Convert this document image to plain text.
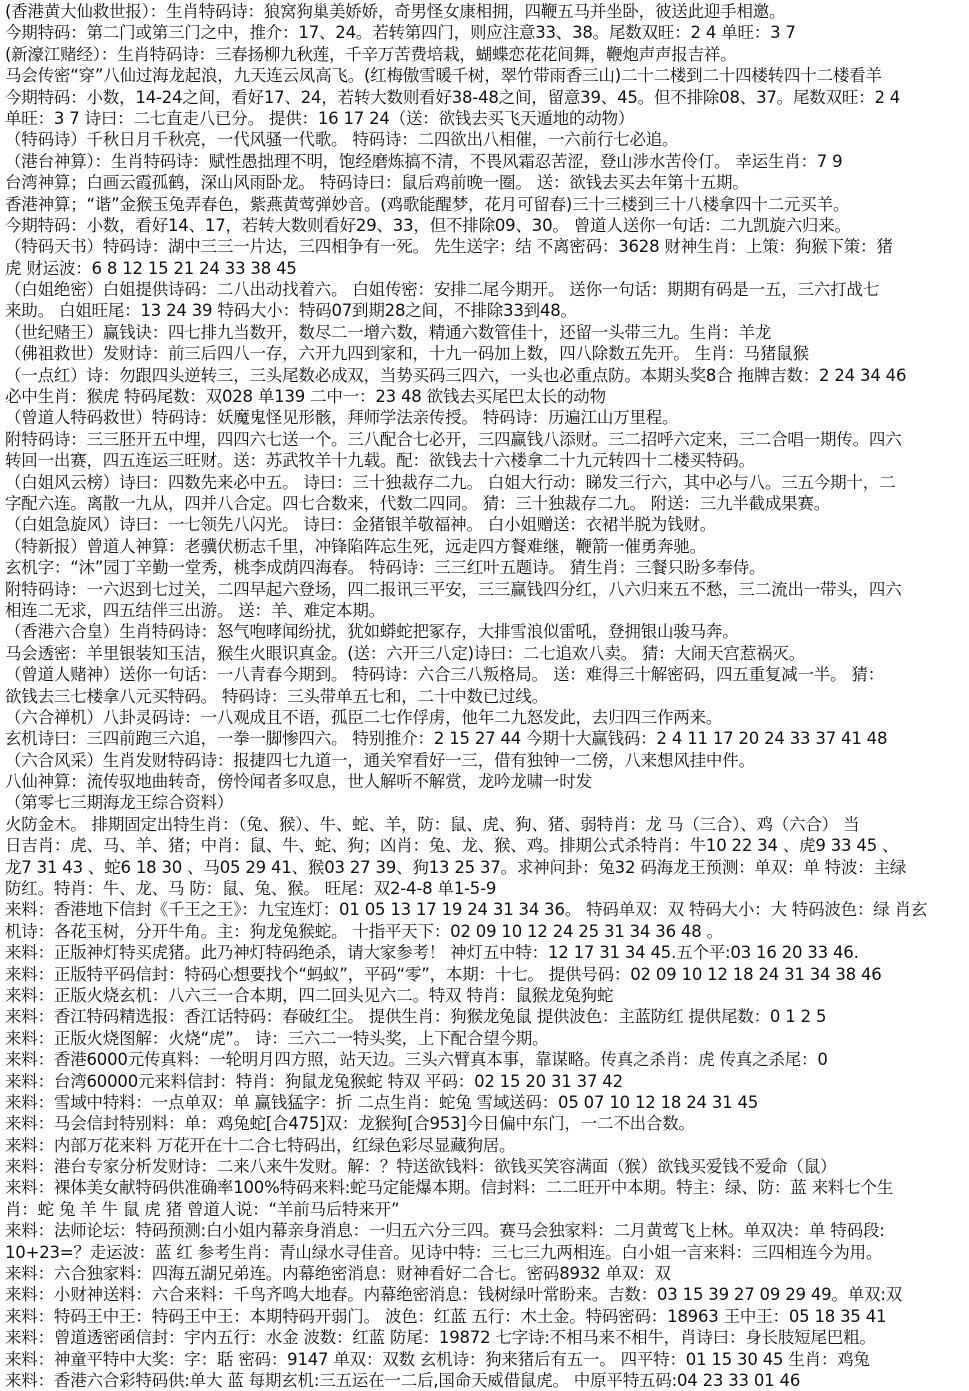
(香港黄大仙救世报）：生肖特码诗：狼窝狗巢美娇娇，奇男怪女康相拥，四鞭五马并坐卧，彼送此迎手相邀。
今期特码：第二门或第三门之中，推介：17、24。若转第四门，则应注意33、38。尾数双旺：2 4 单旺：3 7
(新濠江赌经）：生肖特码诗：三春扬柳九秋莲，千辛万苦费培栽，蝴蝶恋花花间舞，鞭炮声声报吉祥。
马会传密“穿”八仙过海龙起浪，九天连云凤高飞。(红梅傲雪暖千树，翠竹带雨香三山)二十二楼到二十四楼转四十二楼看羊
今期特码：小数，14-24之间，看好17、24，若转大数则看好38-48之间，留意39、45。但不排除08、37。尾数双旺：2 4
单旺：3 7 诗曰：二七直走八已分。 提供：16 17 24（送：欲钱去买飞天遁地的动物）
（特码诗）千秋日月千秋亮，一代风骚一代歌。 特码诗：二四欲出八相催，一六前行七必追。
（港台神算）：生肖特码诗：赋性愚拙理不明，饱经磨炼搞不清，不畏风霜忍苦涩，登山涉水苦伶仃。 幸运生肖：7 9
台湾神算；白画云霞孤鹤，深山风雨卧龙。 特码诗曰：鼠后鸡前晚一圈。 送：欲钱去买去年第十五期。
香港神算；“谐”金猴玉兔弄春色，紫燕黄莺弹妙音。(鸡歌能醒梦，花月可留春)三十三楼到三十八楼拿四十二元买羊。
今期特码：小数，看好14、17，若转大数则看好29、33，但不排除09、30。 曾道人送你一句话：二九凯旋六归来。
（特码天书）特码诗：湖中三三一片达，三四相争有一死。 先生送字：结 不离密码：3628 财神生肖：上策：狗猴下策：猪
虎 财运波：6 8 12 15 21 24 33 38 45
（白姐绝密）白姐提供诗码：二八出动找着六。 白姐传密：安排二尾今期开。 送你一句话：期期有码是一五，三六打战七
来助。 白姐旺尾：13 24 39 特码大小：特码07到期28之间，不排除33到48。
（世纪赌王）赢钱诀：四七排九当数开，数尽二一增六数，精通六数管佳十，还留一头带三九。生肖：羊龙
（佛祖救世）发财诗：前三后四八一存，六开九四到家和，十九一码加上数，四八除数五先开。 生肖：马猪鼠猴
（一点红）诗：勿跟四头逆转三，三头尾数必成双，当势买码三四六，一头也必重点防。本期头奖8合 拖牌吉数：2 24 34 46
必中生肖：猴虎 特码尾数：双028 单139 二中一：23 48 欲钱去买尾巴太长的动物
（曾道人特码救世）特码诗：妖魔鬼怪见形骸，拜师学法亲传授。 特码诗：历遍江山万里程。
附特码诗：三三胚开五中埋，四四六七送一个。三八配合七必开，三四赢钱八添财。三二招呼六定来，三二合唱一期传。四六
转回一出赛，四五连运三旺财。送：苏武牧羊十九载。配：欲钱去十六楼拿二十九元转四十二楼买特码。
（白姐风云榜）诗曰：四数先来必中五。 诗曰：三十独裁存二九。 白姐大行动：睇发三行六，其中必与八。三五今期十，二
字配六连。离散一九从，四并八合定。四七合数来，代数二四同。 猜：三十独裁存二九。 附送：三九半截成果赛。
（白姐急旋风）诗曰：一七领先八闪光。 诗曰：金猪银羊敬福神。 白小姐赠送：衣裙半脱为钱财。
（特新报）曾道人神算：老骥伏枥志千里，冲锋陷阵忘生死，远走四方餐难继，鞭箭一催勇奔驰。
玄机字：“沐”园丁辛勤一堂秀，桃李成荫四海春。 特码诗：三三红叶五题诗。 猜生肖：三餐只盼多奉侍。
附特码诗：一六迟到七过关，二四早起六登场，四二报讯三平安，三三赢钱四分红，八六归来五不愁，三二流出一带头，四六
相连二无求，四五结伴三出游。 送：羊、难定本期。
（香港六合皇）生肖特码诗：怒气咆哮闻纷扰，犹如蟒蛇把冢存，大排雪浪似雷吼，登拥银山骏马奔。
马会透密：羊里银装知玉洁，猴生火眼识真金。(送：六开三八定)诗曰：二七追欢八卖。 猜：大闹天宫惹祸灭。
（曾道人赌神）送你一句话：一八青春今期到。 特码诗：六合三八叛格局。 送：难得三十解密码，四五重复减一半。 猜：
欲钱去三七楼拿八元买特码。 特码诗：三头带单五七和，二十中数已过线。
（六合禅机）八卦灵码诗：一八观成且不语，孤臣二七作俘虏，他年二九怒发此，去归四三作两来。
玄机诗曰：三四前跑三六追，一拳一脚惨四六。 特别推介：2 15 27 44 今期十大赢钱码：2 4 11 17 20 24 33 37 41 48
（六合风采）生肖发财特码诗：报捷四七九道一，通关窄看好一三，借有独钟一二傍，八来想风挂中件。
八仙神算：流传驭地曲转奇，傍怜闻者多叹息，世人解听不解赏，龙吟龙啸一时发
（第零七三期海龙王综合资料）
火防金木。 排期固定出特生肖：（兔、猴）、牛、蛇、羊，防：鼠、虎、狗、猪、弱特肖：龙 马（三合）、鸡（六合） 当
日吉肖：虎、马、羊、猪；中肖：鼠、牛、蛇、狗；凶肖：兔、龙、猴、鸡。排期公式杀特肖：牛10 22 34 、虎9 33 45 、
龙7 31 43 、蛇6 18 30 、马05 29 41、猴03 27 39、狗13 25 37。求神问卦：兔32 码海龙王预测：单双：单 特波：主绿
防红。特肖：牛、龙、马 防：鼠、兔、猴。 旺尾：双2-4-8 单1-5-9
来料：香港地下信封《千王之王》：九宝连灯：01 05 13 17 19 24 31 34 36。 特码单双：双 特码大小：大 特码波色：绿 肖玄
机诗：各花玉树，分开牛角。主：狗龙兔猴蛇。 十指平天下：02 09 10 12 24 25 31 34 36 48 。
来料：正版神灯特买虎猪。此乃神灯特码绝杀，请大家参考！ 神灯五中特：12 17 31 34 45.五个平:03 16 20 33 46.
来料：正版特平码信封：特码心想要找个“蚂蚁”，平码“零”，本期：十七。 提供号码：02 09 10 12 18 24 31 34 38 46
来料：正版火烧玄机：八六三一合本期，四二回头见六二。特双 特肖：鼠猴龙兔狗蛇
来料：香江特码精选报：香江话特码：春破红尘。 提供生肖：狗猴龙兔鼠 提供波色：主蓝防红 提供尾数：0 1 2 5
来料：正版火烧图解：火烧“虎”。 诗：三六二一特头奖，上下配合望今期。
来料：香港6000元传真料：一轮明月四方照，站天边。三头六臂真本事，靠谋略。传真之杀肖：虎 传真之杀尾：0
来料：台湾60000元来料信封：特肖：狗鼠龙兔猴蛇 特双 平码：02 15 20 31 37 42
来料：雪域中特料：一点单双：单 赢钱猛字：折 二点生肖：蛇兔 雪域送码：05 07 10 12 18 24 31 45
来料：马会信封特别料：单：鸡兔蛇[合475]双：龙猴狗[合953]今日偏中东门，一二不出合数。
来料：内部万花来料 万花开在十二合七特码出，红绿色彩尽显藏狗居。
来料：港台专家分析发财诗：二来八来牛发财。解：？特送欲钱料：欲钱买笑容满面（猴）欲钱买爱钱不爱命（鼠）
来料：裸体美女献特码供准确率100%特码来料:蛇马定能爆本期。信封料：二二旺开中本期。特主：绿、防：蓝 来料七个生
肖：蛇 兔 羊 牛 鼠 虎 猪 曾道人说：“羊前马后特来开”
来料：法师论坛：特码预测:白小姐内幕亲身消息：一归五六分三四。赛马会独家料：二月黄莺飞上林。单双决：单 特码段:
10+23=？走运波：蓝 红 参考生肖：青山绿水寻佳音。见诗中特：三七三九两相连。白小姐一言来料：三四相连今为用。
来料：六合独家料：四海五湖兄弟连。内幕绝密消息：财神看好二合七。密码8932 单双：双
来料：小财神送料：六合来料：千鸟齐鸣大地春。内幕绝密消息：钱树绿叶常盼来。吉数：03 15 39 27 09 29 49。单双:双
来料：特码王中王：特码王中王：本期特码开弱门。 波色：红蓝 五行：木土金。特码密码：18963 王中王：05 18 35 41
来料：曾道透密函信封：宇内五行：水金 波数：红蓝 防尾：19872 七字诗:不相马来不相牛，肖诗曰：身长肢短尾巴粗。
来料：神童平特中大奖：字：聒 密码：9147 单双：双数 玄机诗：狗来猪后有五一。 四平特：01 15 30 45 生肖：鸡兔
来料：香港六合彩特码供:单大 蓝 每期玄机:三五运在一二后,国命天威借鼠虎。 中原平特五码:04 23 33 01 46
